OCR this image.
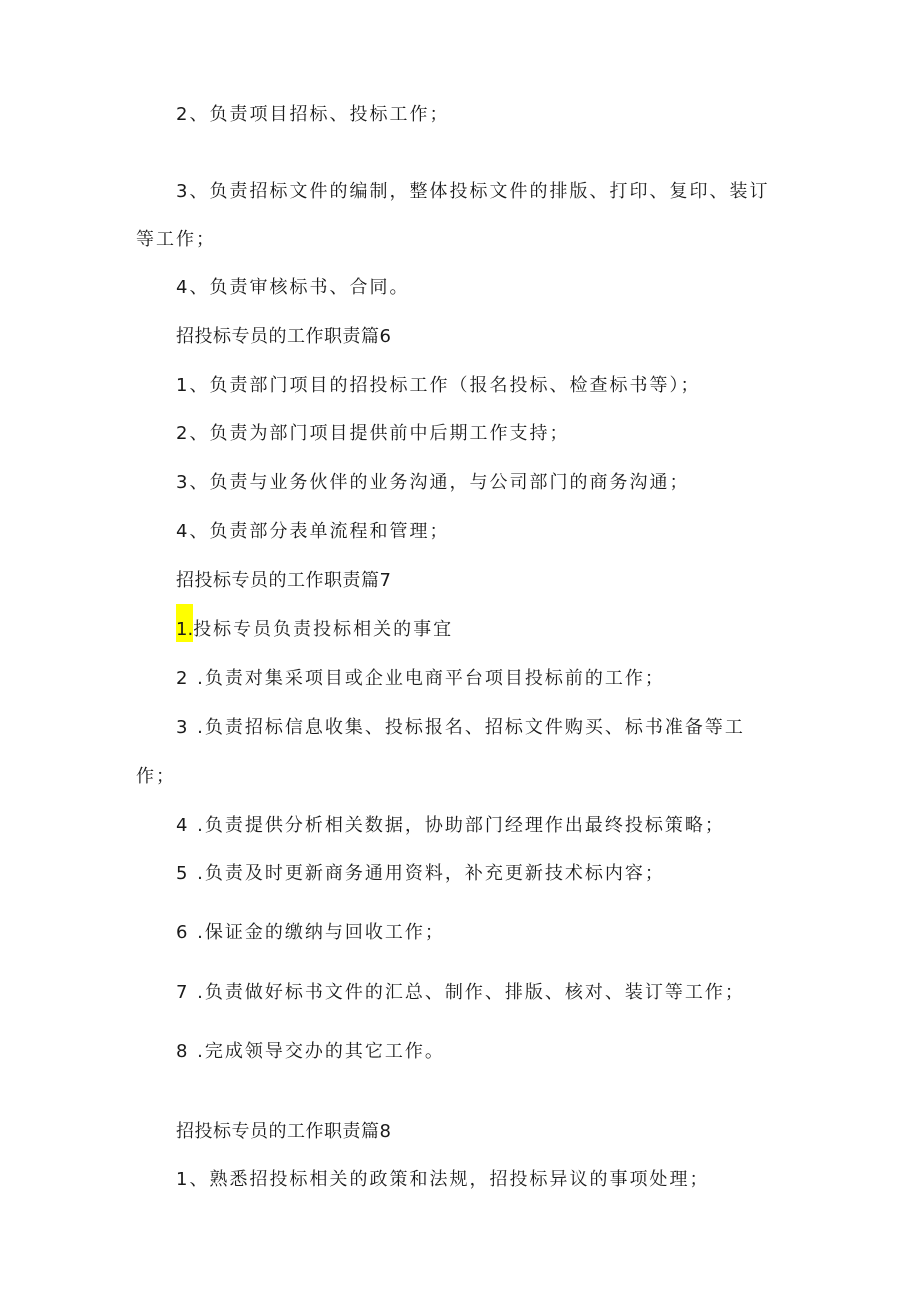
2、负责项目招标、投标工作；
3、负责招标文件的编制，整体投标文件的排版、打印、复印、装订
等工作；
4、负责审核标书、合同。
招投标专员的工作职责篇6
1、负责部门项目的招投标工作（报名投标、检查标书等）；
2、负责为部门项目提供前中后期工作支持；
3、负责与业务伙伴的业务沟通，与公司部门的商务沟通；
4、负责部分表单流程和管理；
招投标专员的工作职责篇7
1.投标专员负责投标相关的事宜
2 .负责对集采项目或企业电商平台项目投标前的工作；
3 .负责招标信息收集、投标报名、招标文件购买、标书准备等工
作；
4 .负责提供分析相关数据，协助部门经理作出最终投标策略；
5 .负责及时更新商务通用资料，补充更新技术标内容；
6 .保证金的缴纳与回收工作；
7 .负责做好标书文件的汇总、制作、排版、核对、装订等工作；
8 .完成领导交办的其它工作。
招投标专员的工作职责篇8
1、熟悉招投标相关的政策和法规，招投标异议的事项处理；
